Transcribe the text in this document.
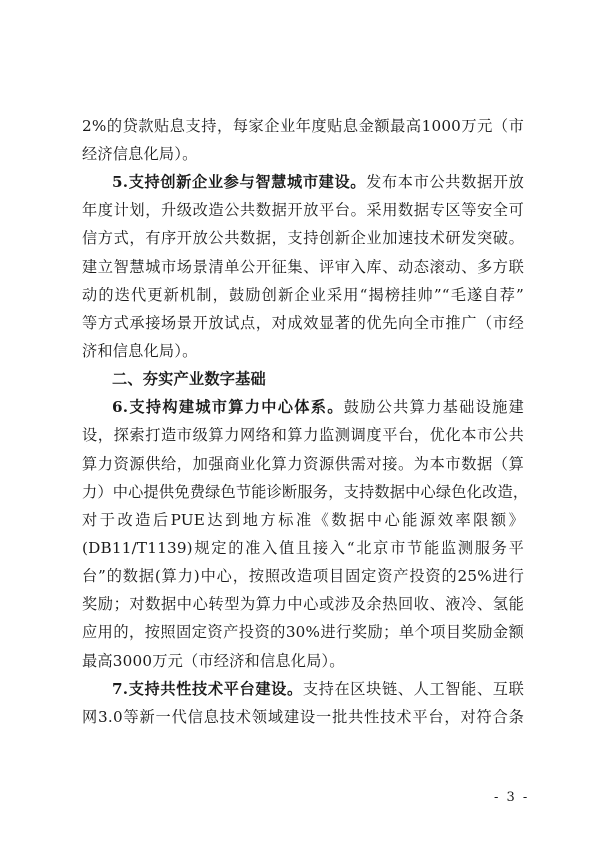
2%的贷款贴息支持，每家企业年度贴息金额最高1000万元（市
经济信息化局）。
5.支持创新企业参与智慧城市建设。发布本市公共数据开放
年度计划，升级改造公共数据开放平台。采用数据专区等安全可
信方式，有序开放公共数据，支持创新企业加速技术研发突破。
建立智慧城市场景清单公开征集、评审入库、动态滚动、多方联
动的迭代更新机制，鼓励创新企业采用“揭榜挂帅”“毛遂自荐”
等方式承接场景开放试点，对成效显著的优先向全市推广（市经
济和信息化局）。
二、夯实产业数字基础
6.支持构建城市算力中心体系。鼓励公共算力基础设施建
设，探索打造市级算力网络和算力监测调度平台，优化本市公共
算力资源供给，加强商业化算力资源供需对接。为本市数据（算
力）中心提供免费绿色节能诊断服务，支持数据中心绿色化改造，
对于改造后PUE达到地方标准《数据中心能源效率限额》
(DB11/T1139)规定的准入值且接入“北京市节能监测服务平
台”的数据(算力)中心，按照改造项目固定资产投资的25%进行
奖励；对数据中心转型为算力中心或涉及余热回收、液冷、氢能
应用的，按照固定资产投资的30%进行奖励；单个项目奖励金额
最高3000万元（市经济和信息化局）。
7.支持共性技术平台建设。支持在区块链、人工智能、互联
网3.0等新一代信息技术领域建设一批共性技术平台，对符合条
- 3 -
